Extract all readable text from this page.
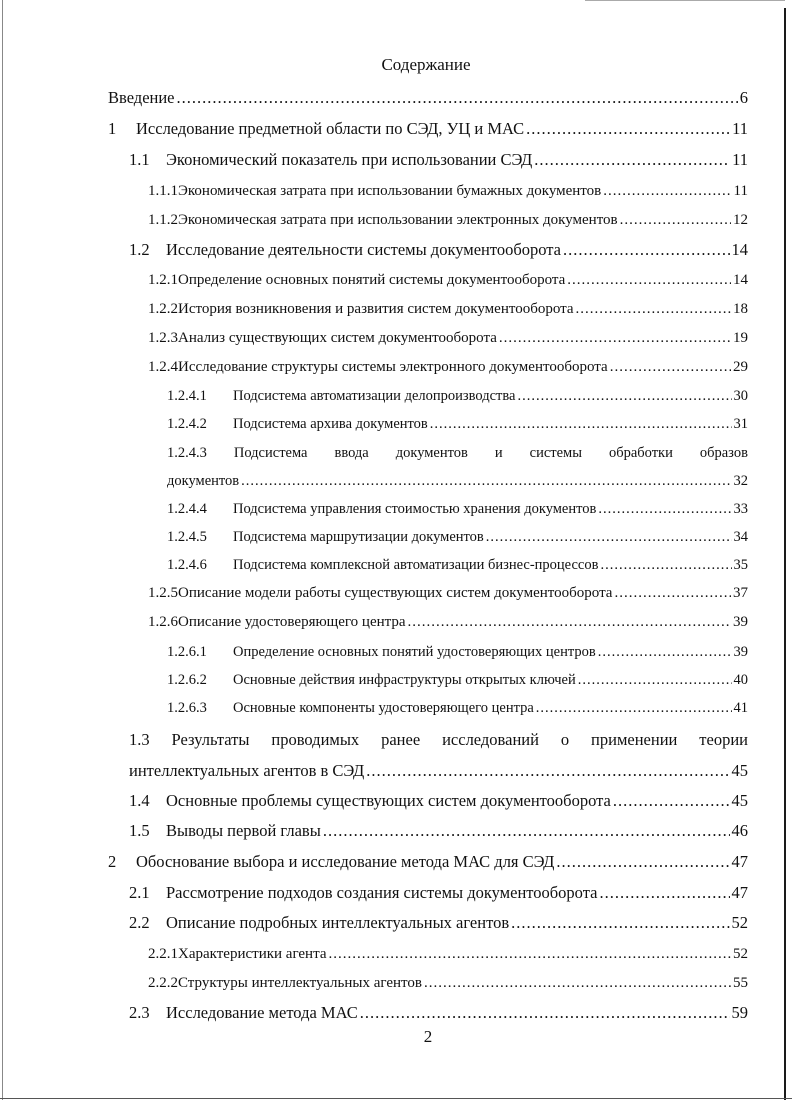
Содержание
Введение .....	6
1	Исследование предметной области по СЭД, УЦ и МАС .....	11
1.1 Экономический показатель при использовании СЭД .....	11
1.1.1 Экономическая затрата при использовании бумажных документов .....	11
1.1.2 Экономическая затрата при использовании электронных документов .....	12
1.2 Исследование деятельности системы документооборота .....	14
1.2.1 Определение основных понятий системы документооборота .....	14
1.2.2 История возникновения и развития систем документооборота .....	18
1.2.3 Анализ существующих систем документооборота .....	19
1.2.4 Исследование структуры системы электронного документооборота .....	29
1.2.4.1	Подсистема автоматизации делопроизводства .....	30
1.2.4.2	Подсистема архива документов .....	31
1.2.4.3 Подсистема ввода документов и системы обработки образов
документов .....	32
1.2.4.4	Подсистема управления стоимостью хранения документов .....	33
1.2.4.5	Подсистема маршрутизации документов .....	34
1.2.4.6	Подсистема комплексной автоматизации бизнес-процессов .....	35
1.2.5 Описание модели работы существующих систем документооборота .....	37
1.2.6 Описание удостоверяющего центра .....	39
1.2.6.1	Определение основных понятий удостоверяющих центров .....	39
1.2.6.2	Основные действия инфраструктуры открытых ключей .....	40
1.2.6.3	Основные компоненты удостоверяющего центра .....	41
1.3 Результаты проводимых ранее исследований о применении теории
интеллектуальных агентов в СЭД .....	45
1.4 Основные проблемы существующих систем документооборота .....	45
1.5 Выводы первой главы .....	46
2	Обоснование выбора и исследование метода МАС для СЭД .....	47
2.1 Рассмотрение подходов создания системы документооборота .....	47
2.2 Описание подробных интеллектуальных агентов .....	52
2.2.1 Характеристики агента .....	52
2.2.2 Структуры интеллектуальных агентов .....	55
2.3 Исследование метода МАС .....	59
2
